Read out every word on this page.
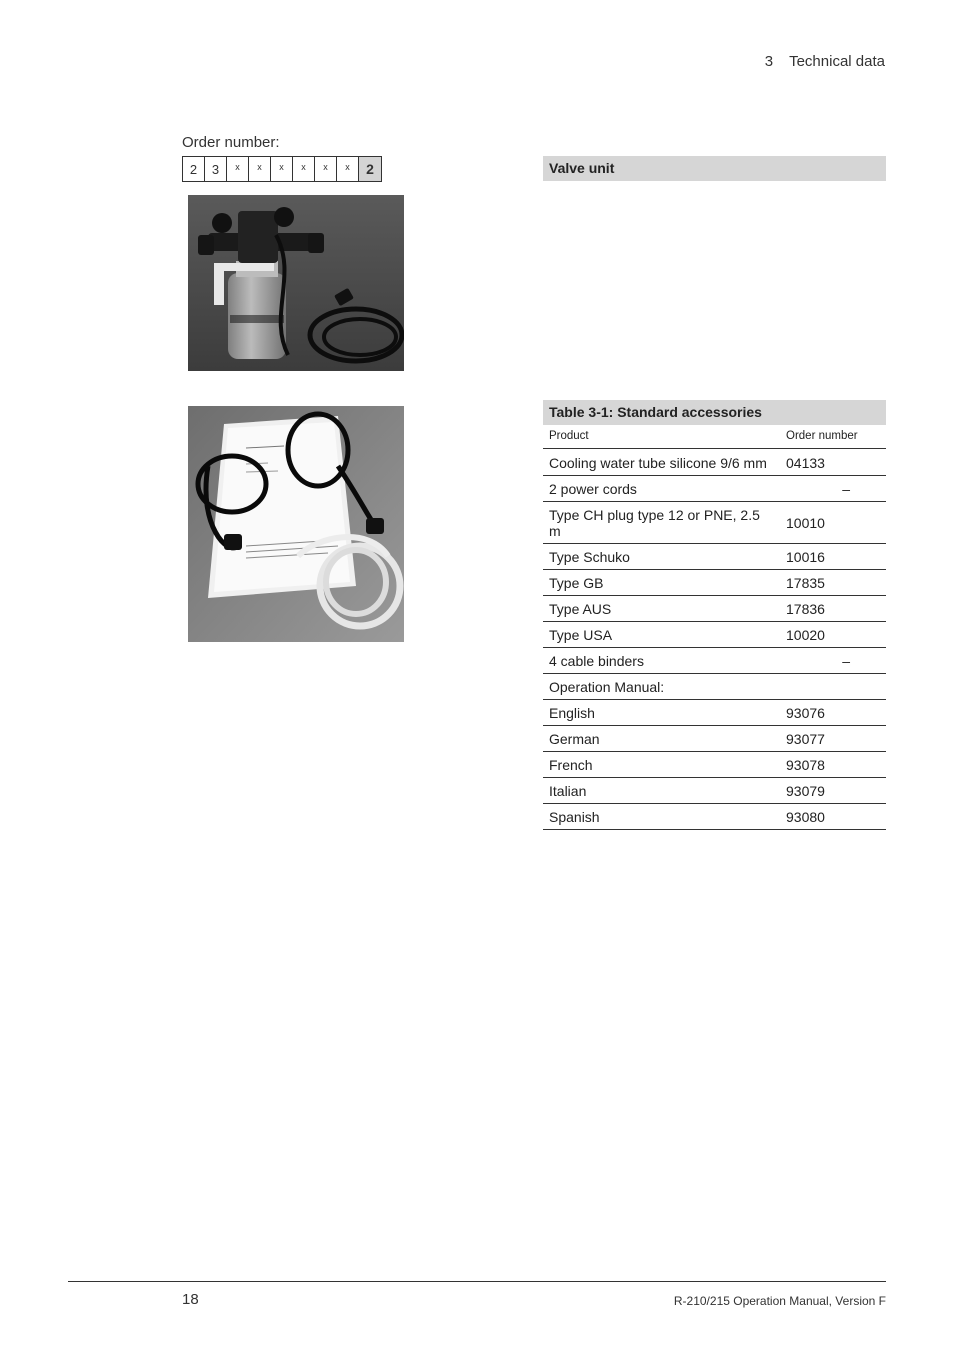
3 Technical data
Order number:
2	3	x	x	x	x	x	x	2	Valve unit
Table 3-1: Standard accessories
Product	Order number
Cooling water tube silicone 9/6 mm	04133
2 power cords	–
Type CH plug type 12 or PNE, 2.5 m	10010
Type Schuko	10016
Type GB	17835
Type AUS	17836
Type USA	10020
4 cable binders	–
Operation Manual:	
English	93076
German	93077
French	93078
Italian	93079
Spanish	93080
18	R-210/215 Operation Manual, Version F
